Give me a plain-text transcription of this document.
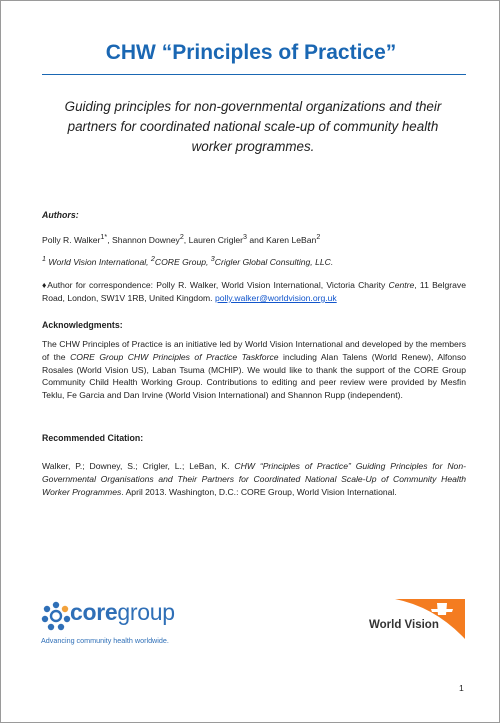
CHW “Principles of Practice”

Guiding principles for non-governmental organizations and their partners for coordinated national scale-up of community health worker programmes.

Authors:

Polly R. Walker$^{1*}$, Shannon Downey$^2$, Lauren Crigler$^3$ and Karen LeBan$^2$

$^1$ World Vision International, $^2$CORE Group, $^3$Crigler Global Consulting, LLC.

♦Author for correspondence: Polly R. Walker, World Vision International, Victoria Charity Centre, 11 Belgrave Road, London, SW1V 1RB, United Kingdom. polly.walker@worldvision.org.uk

Acknowledgments:

The CHW Principles of Practice is an initiative led by World Vision International and developed by the members of the CORE Group CHW Principles of Practice Taskforce including Alan Talens (World Renew), Alfonso Rosales (World Vision US), Laban Tsuma (MCHIP). We would like to thank the support of the CORE Group Community Child Health Working Group. Contributions to editing and peer review were provided by Mesfin Teklu, Fe Garcia and Dan Irvine (World Vision International) and Shannon Rupp (independent).

Recommended Citation:

Walker, P.; Downey, S.; Crigler, L.; LeBan, K. CHW “Principles of Practice” Guiding Principles for Non-Governmental Organisations and Their Partners for Coordinated National Scale-Up of Community Health Worker Programmes. April 2013. Washington, D.C.: CORE Group, World Vision International.

coregroup
Advancing community health worldwide.
World Vision
1
